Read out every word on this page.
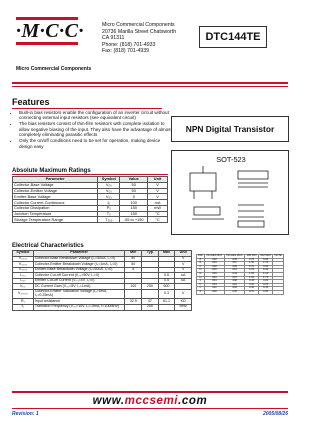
·M·C·C·
Micro Commercial Components
Micro Commercial Components
20736 Marilla Street Chatsworth
CA 91311
Phone: (818) 701-4933
Fax: (818) 701-4939
DTC144TE
Features
• Built-in bias resistors enable the configuration of an inverter circuit without connecting external input resistors (see equivalent circuit)
• The bias resistors consist of thin-film resistors with complete isolation to allow negative biasing of the input. They also have the advantage of almost completely eliminating parasitic effects
• Only the on/off conditions need to be set for operation, making device design easy
NPN Digital Transistor
SOT-523
Absolute Maximum Ratings
Parameter	Symbol	Value	Unit
Collector-Base Voltage	V₀₀	50	V
Collector-Emitter Voltage	V₀₀	50	V
Emitter-Base Voltage	V₀₀	5	V
Collector Current-Continuous	I₀	100	mA
Collector Dissipation	P₀	150	mW
Junction Temperature	T₀	150	°C
Storage Temperature Range	T₀₀₀	-55 to +150	°C
Electrical Characteristics
Symbol	Parameter	Min	Typ	Max	Unit
V₀₀₀₀	Collector-Base Breakdown Voltage (I₀=50uA, I₀=0)	50			V
V₀₀₀₀	Collector-Emitter Breakdown Voltage (I₀=1mA, I₀=0)	50			V
V₀₀₀₀	Emitter-Base Breakdown Voltage (I₀=50uA, I₀=0)	5			V
I₀₀₀	Collector Cut-off Current (V₀₀=50V, I₀=0)			0.5	uA
I₀₀₀	Emitter Cut-off Current (V₀₀=4V, I₀=0)			0.5	uA
h₀₀	DC Current Gain (V₀₀=5V, I₀=1mA)	100	250	600	
V₀₀₀₀₀	Collector-Emitter Saturation Voltage (I₀=5mA, I₀=0.25mA)			0.3	V
R₁	Input resistance	32.9	47	61.1	KΩ
f₀	Transition Frequency (V₀₀=10V, I₀=-5mA, f=100MHz)		250		MHz
DIM	INCHES MIN	INCHES MAX	MM MIN	MM MAX	NOTE
A	.028	.035	0.70	0.90	
B	.059	.067	1.50	1.70	
C	.028	.035	0.70	0.90	
D	.006	.012	0.15	0.30	
G	.039	.043	1.00	1.10	
H	.059	.067	1.50	1.70	
J	.004	.008	0.10	0.20	
K	.004	.010	0.10	0.25	
L	.012	.018	0.30	0.45	
S	.028	.035	0.70	0.90	
www.mccsemi.com
Revision: 1	2005/08/26
